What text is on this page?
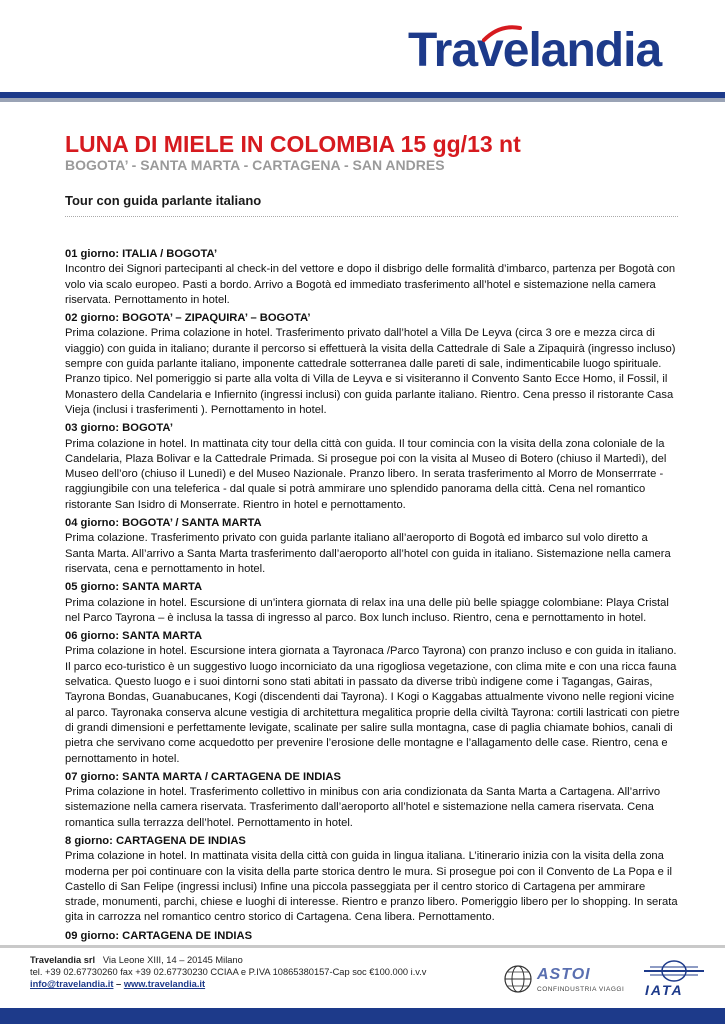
Travelandia
LUNA DI MIELE IN COLOMBIA 15 gg/13 nt

BOGOTA’ - SANTA MARTA - CARTAGENA - SAN ANDRES

Tour con guida parlante italiano

01 giorno: ITALIA / BOGOTA’
Incontro dei Signori partecipanti al check-in del vettore e dopo il disbrigo delle formalità d’imbarco, partenza per Bogotà con volo via scalo europeo. Pasti a bordo. Arrivo a Bogotà ed immediato trasferimento all’hotel e sistemazione nella camera riservata. Pernottamento in hotel.
02 giorno: BOGOTA’ – ZIPAQUIRA’ – BOGOTA’
Prima colazione. Prima colazione in hotel. Trasferimento privato dall’hotel a Villa De Leyva (circa 3 ore e mezza circa di viaggio) con guida in italiano; durante il percorso si effettuerà la visita della Cattedrale di Sale a Zipaquirà (ingresso incluso) sempre con guida parlante italiano, imponente cattedrale sotterranea dalle pareti di sale, indimenticabile luogo spirituale. Pranzo tipico. Nel pomeriggio si parte alla volta di Villa de Leyva e si visiteranno il Convento Santo Ecce Homo, il Fossil, il Monastero della Candelaria e Infiernito (ingressi inclusi) con guida parlante italiano. Rientro. Cena presso il ristorante Casa Vieja (inclusi i trasferimenti ). Pernottamento in hotel.
03 giorno: BOGOTA’
Prima colazione in hotel. In mattinata city tour della città con guida. Il tour comincia con la visita della zona coloniale de la Candelaria, Plaza Bolivar e la Cattedrale Primada. Si prosegue poi con la visita al Museo di Botero (chiuso il Martedì), del Museo dell’oro (chiuso il Lunedì) e del Museo Nazionale. Pranzo libero. In serata trasferimento al Morro de Monserrrate - raggiungibile con una teleferica - dal quale si potrà ammirare uno splendido panorama della città. Cena nel romantico ristorante San Isidro di Monserrate. Rientro in hotel e pernottamento.
04 giorno: BOGOTA’ / SANTA MARTA
Prima colazione. Trasferimento privato con guida parlante italiano all’aeroporto di Bogotà ed imbarco sul volo diretto a Santa Marta. All’arrivo a Santa Marta trasferimento dall’aeroporto all’hotel con guida in italiano. Sistemazione nella camera riservata, cena e pernottamento in hotel.
05 giorno: SANTA MARTA
Prima colazione in hotel. Escursione di un’intera giornata di relax ina una delle più belle spiagge colombiane: Playa Cristal nel Parco Tayrona – è inclusa la tassa di ingresso al parco. Box lunch incluso. Rientro, cena e pernottamento in hotel.
06 giorno: SANTA MARTA
Prima colazione in hotel. Escursione intera giornata a Tayronaca /Parco Tayrona) con pranzo incluso e con guida in italiano. Il parco eco-turistico è un suggestivo luogo incorniciato da una rigogliosa vegetazione, con clima mite e con una ricca fauna selvatica. Questo luogo e i suoi dintorni sono stati abitati in passato da diverse tribù indigene come i Tagangas, Gairas, Tayrona Bondas, Guanabucanes, Kogi (discendenti dai Tayrona). I Kogi o Kaggabas attualmente vivono nelle regioni vicine al parco. Tayronaka conserva alcune vestigia di architettura megalitica proprie della civiltà Tayrona: cortili lastricati con pietre di grandi dimensioni e perfettamente levigate, scalinate per salire sulla montagna, case di paglia chiamate bohios, canali di pietra che servivano come acquedotto per prevenire l’erosione delle montagne e l’allagamento delle case. Rientro, cena e pernottamento in hotel.
07 giorno: SANTA MARTA / CARTAGENA DE INDIAS
Prima colazione in hotel. Trasferimento collettivo in minibus con aria condizionata da Santa Marta a Cartagena. All’arrivo sistemazione nella camera riservata. Trasferimento dall’aeroporto all’hotel e sistemazione nella camera riservata. Cena romantica sulla terrazza dell’hotel. Pernottamento in hotel.
8 giorno: CARTAGENA DE INDIAS
Prima colazione in hotel. In mattinata visita della città con guida in lingua italiana. L’itinerario inizia con la visita della zona moderna per poi continuare con la visita della parte storica dentro le mura. Si prosegue poi con il Convento de La Popa e il Castello di San Felipe (ingressi inclusi) Infine una piccola passeggiata per il centro storico di Cartagena per ammirare strade, monumenti, parchi, chiese e luoghi di interesse. Rientro e pranzo libero. Pomeriggio libero per lo shopping. In serata gita in carrozza nel romantico centro storico di Cartagena. Cena libera. Pernottamento.
09 giorno: CARTAGENA DE INDIAS
Travelandia srl Via Leone XIII, 14 – 20145 Milano
tel. +39 02.67730260 fax +39 02.67730230 CCIAA e P.IVA 10865380157-Cap soc €100.000 i.v.v
info@travelandia.it – www.travelandia.it
ASTOI
CONFINDUSTRIA VIAGGI IATA
